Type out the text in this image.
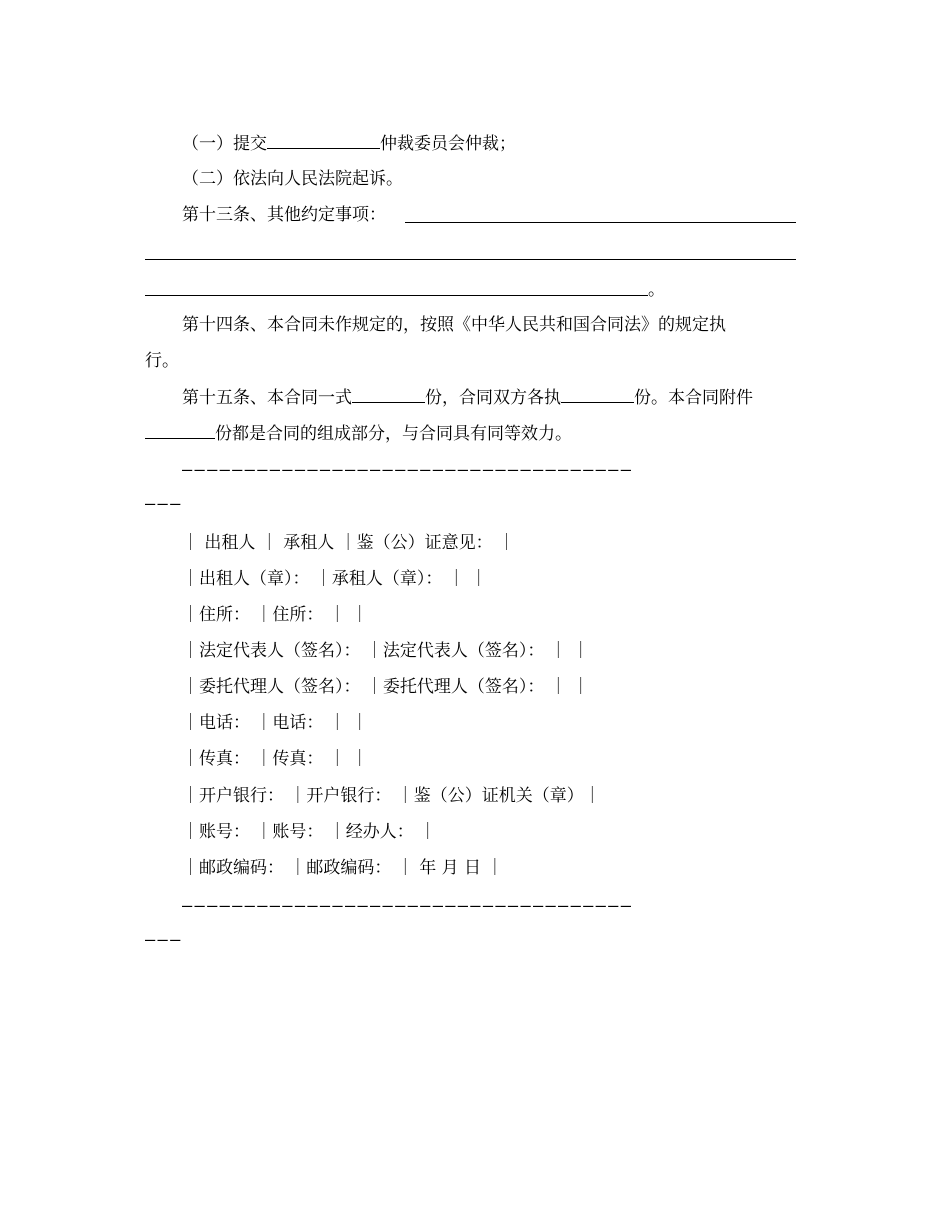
（一）提交	仲裁委员会仲裁；
（二）依法向人民法院起诉。
第十三条、其他约定事项：
。
第十四条、本合同未作规定的，按照《中华人民共和国合同法》的规定执
行。
第十五条、本合同一式	份，合同双方各执	份。本合同附件
份都是合同的组成部分，与合同具有同等效力。
————————————————————————————————————
———
｜ 出租人 ｜ 承租人 ｜鉴（公）证意见： ｜
｜出租人（章）： ｜承租人（章）： ｜ ｜
｜住所： ｜住所： ｜ ｜
｜法定代表人（签名）： ｜法定代表人（签名）： ｜ ｜
｜委托代理人（签名）： ｜委托代理人（签名）： ｜ ｜
｜电话： ｜电话： ｜ ｜
｜传真： ｜传真： ｜ ｜
｜开户银行： ｜开户银行： ｜鉴（公）证机关（章）｜
｜账号： ｜账号： ｜经办人： ｜
｜邮政编码： ｜邮政编码： ｜ 年 月 日 ｜
————————————————————————————————————
———
